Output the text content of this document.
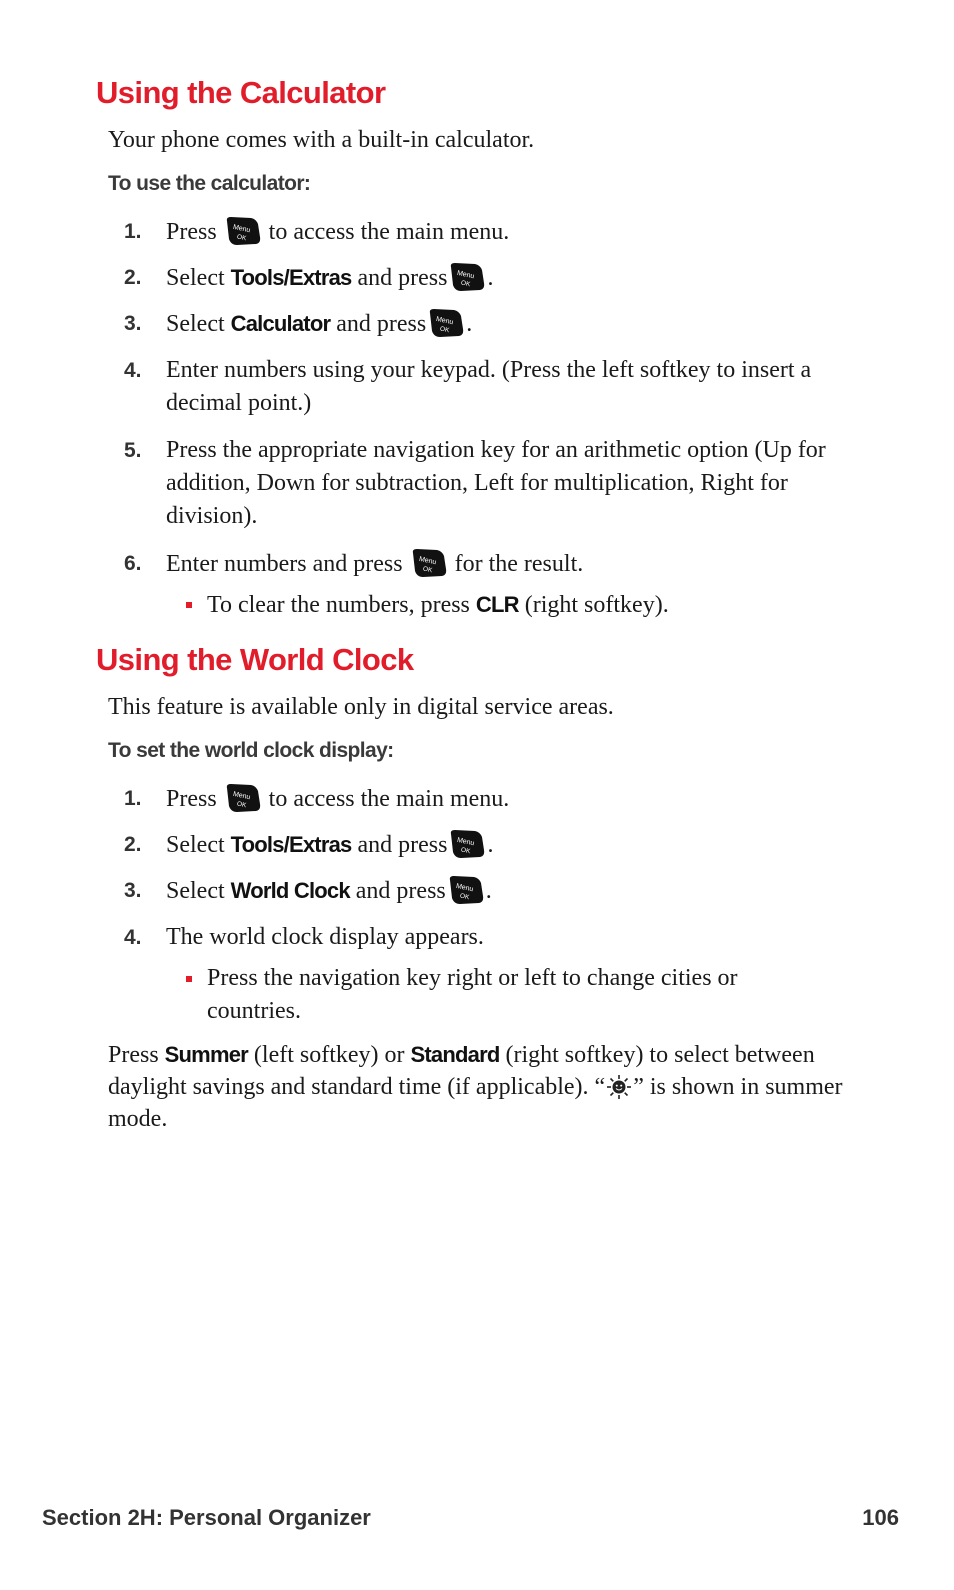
Using the Calculator

Your phone comes with a built-in calculator.

To use the calculator:

1. Press to access the main menu.
2. Select Tools/Extras and press .
3. Select Calculator and press .
4. Enter numbers using your keypad. (Press the left softkey to insert a decimal point.)
5. Press the appropriate navigation key for an arithmetic option (Up for addition, Down for subtraction, Left for multiplication, Right for division).
6. Enter numbers and press for the result.
To clear the numbers, press CLR (right softkey).
Using the World Clock

This feature is available only in digital service areas.

To set the world clock display:

1. Press to access the main menu.
2. Select Tools/Extras and press .
3. Select World Clock and press .
4. The world clock display appears.
Press the navigation key right or left to change cities or countries.

Press Summer (left softkey) or Standard (right softkey) to select between daylight savings and standard time (if applicable). “ ” is shown in summer mode.

Section 2H: Personal Organizer	106
